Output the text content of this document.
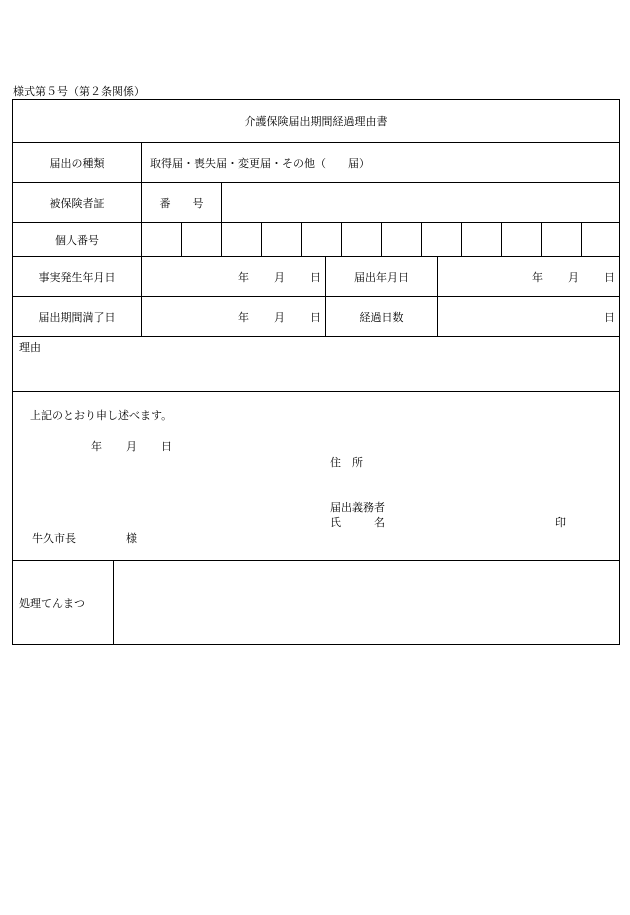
様式第５号（第２条関係）
介護保険届出期間経過理由書
届出の種類	取得届・喪失届・変更届・その他（　　届）
被保険者証	番　　号
個人番号
事実発生年月日	年 月 日	届出年月日	年 月 日
届出期間満了日	年 月 日	経過日数	日
理由
上記のとおり申し述べます。
年 月 日
住　所
届出義務者
氏　　　名	印
牛久市長	様
処理てんまつ
